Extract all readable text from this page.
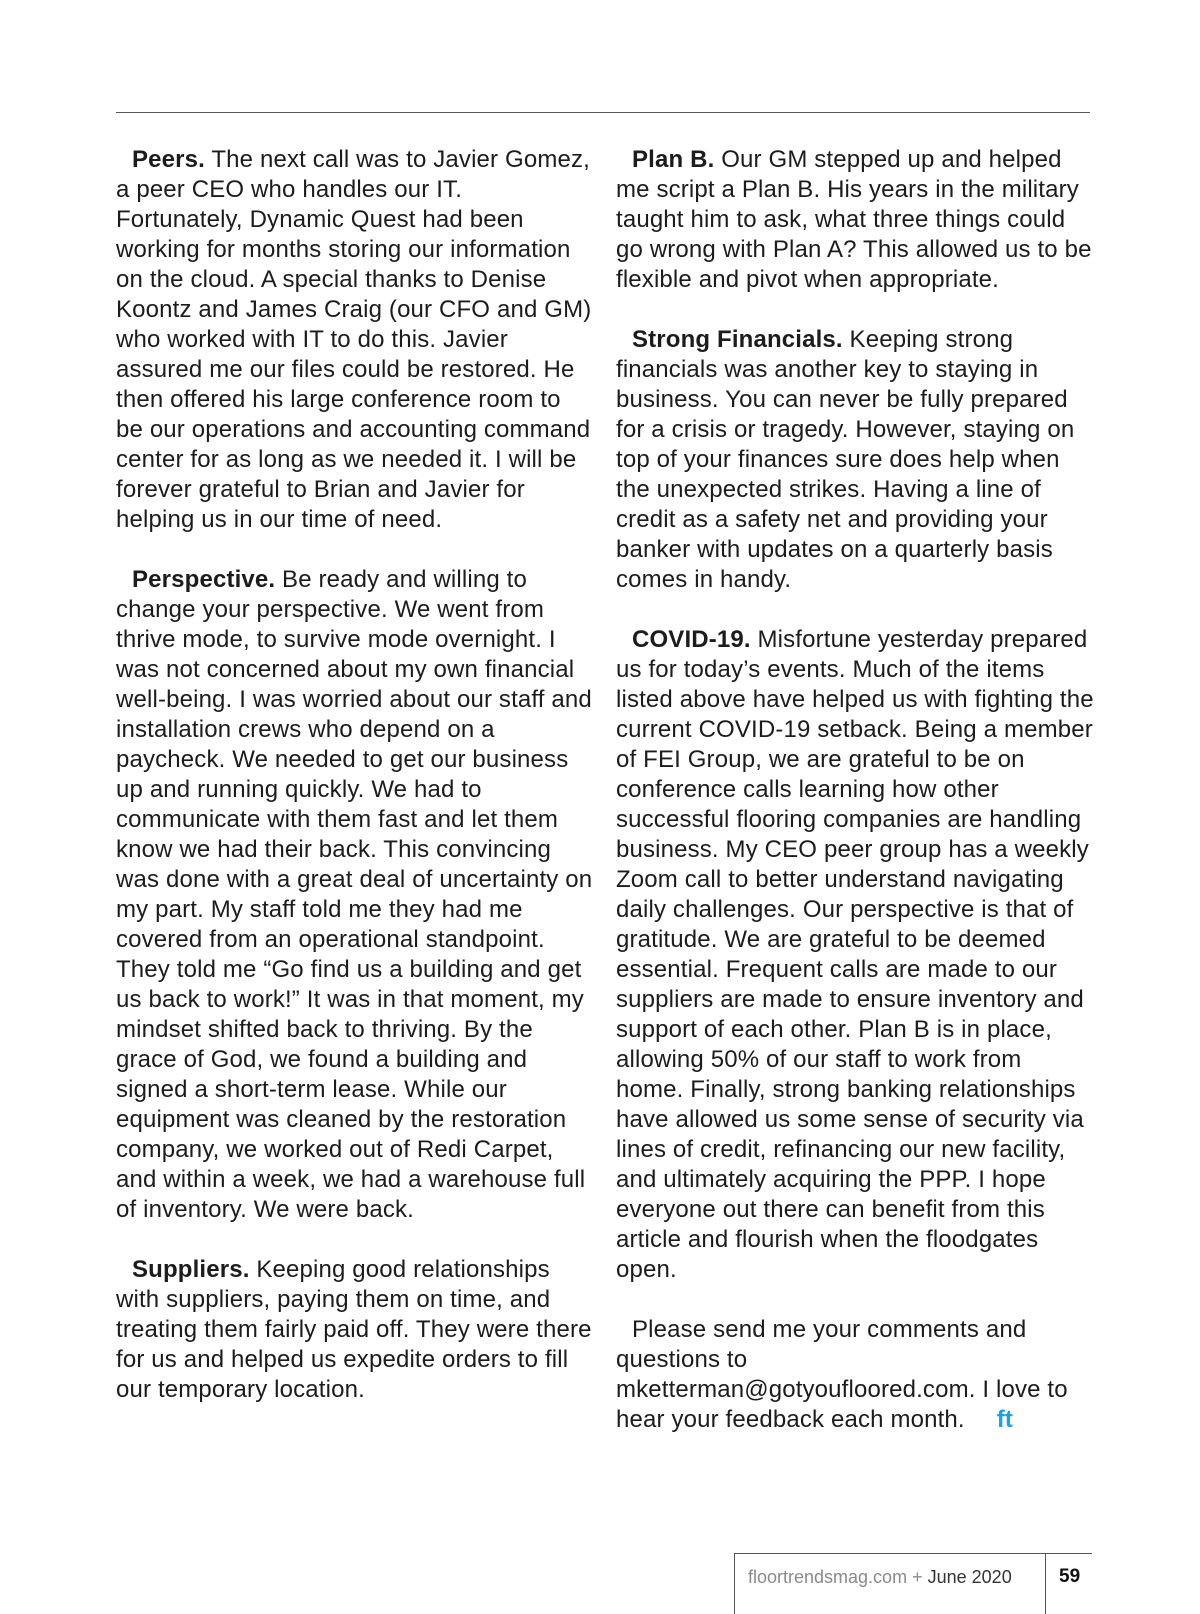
Peers. The next call was to Javier Gomez, a peer CEO who handles our IT. Fortunately, Dynamic Quest had been working for months storing our information on the cloud. A special thanks to Denise Koontz and James Craig (our CFO and GM) who worked with IT to do this. Javier assured me our files could be restored. He then offered his large conference room to be our operations and accounting command center for as long as we needed it. I will be forever grateful to Brian and Javier for helping us in our time of need.

Perspective. Be ready and willing to change your perspective. We went from thrive mode, to survive mode overnight. I was not concerned about my own financial well-being. I was worried about our staff and installation crews who depend on a paycheck. We needed to get our business up and running quickly. We had to communicate with them fast and let them know we had their back. This convincing was done with a great deal of uncertainty on my part. My staff told me they had me covered from an operational standpoint. They told me “Go find us a building and get us back to work!” It was in that moment, my mindset shifted back to thriving. By the grace of God, we found a building and signed a short-term lease. While our equipment was cleaned by the restoration company, we worked out of Redi Carpet, and within a week, we had a warehouse full of inventory. We were back.

Suppliers. Keeping good relationships with suppliers, paying them on time, and treating them fairly paid off. They were there for us and helped us expedite orders to fill our temporary location.

Plan B. Our GM stepped up and helped me script a Plan B. His years in the military taught him to ask, what three things could go wrong with Plan A? This allowed us to be flexible and pivot when appropriate.

Strong Financials. Keeping strong financials was another key to staying in business. You can never be fully prepared for a crisis or tragedy. However, staying on top of your finances sure does help when the unexpected strikes. Having a line of credit as a safety net and providing your banker with updates on a quarterly basis comes in handy.

COVID-19. Misfortune yesterday prepared us for today’s events. Much of the items listed above have helped us with fighting the current COVID-19 setback. Being a member of FEI Group, we are grateful to be on conference calls learning how other successful flooring companies are handling business. My CEO peer group has a weekly Zoom call to better understand navigating daily challenges. Our perspective is that of gratitude. We are grateful to be deemed essential. Frequent calls are made to our suppliers are made to ensure inventory and support of each other. Plan B is in place, allowing 50% of our staff to work from home. Finally, strong banking relationships have allowed us some sense of security via lines of credit, refinancing our new facility, and ultimately acquiring the PPP. I hope everyone out there can benefit from this article and flourish when the floodgates open.

Please send me your comments and questions to mketterman@gotyoufloored.com. I love to hear your feedback each month. ft

floortrendsmag.com + June 2020 59
